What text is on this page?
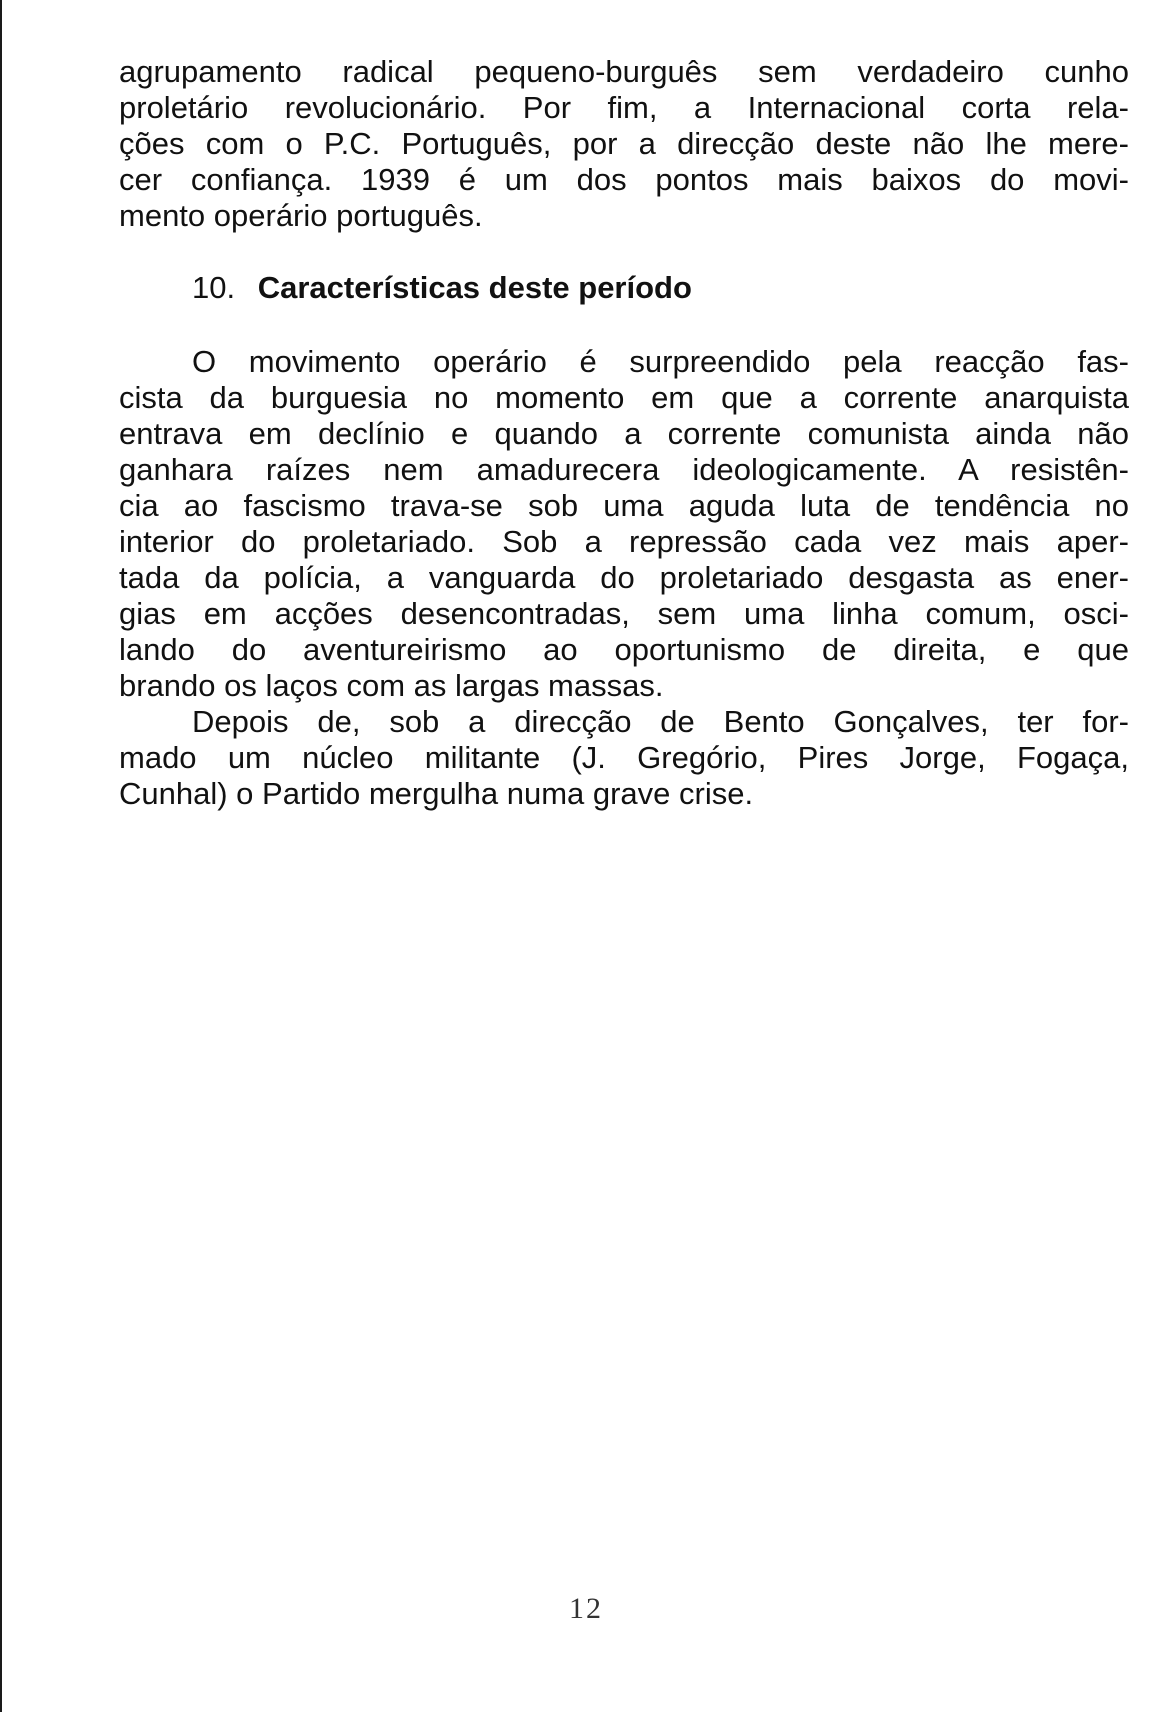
agrupamento radical pequeno-burguês sem verdadeiro cunho
proletário revolucionário. Por fim, a Internacional corta rela-
ções com o P.C. Português, por a direcção deste não lhe mere-
cer confiança. 1939 é um dos pontos mais baixos do movi-
mento operário português.
10. Características deste período
O movimento operário é surpreendido pela reacção fas-
cista da burguesia no momento em que a corrente anarquista
entrava em declínio e quando a corrente comunista ainda não
ganhara raízes nem amadurecera ideologicamente. A resistên-
cia ao fascismo trava-se sob uma aguda luta de tendência no
interior do proletariado. Sob a repressão cada vez mais aper-
tada da polícia, a vanguarda do proletariado desgasta as ener-
gias em acções desencontradas, sem uma linha comum, osci-
lando do aventureirismo ao oportunismo de direita, e que
brando os laços com as largas massas.
Depois de, sob a direcção de Bento Gonçalves, ter for-
mado um núcleo militante (J. Gregório, Pires Jorge, Fogaça,
Cunhal) o Partido mergulha numa grave crise.
12
